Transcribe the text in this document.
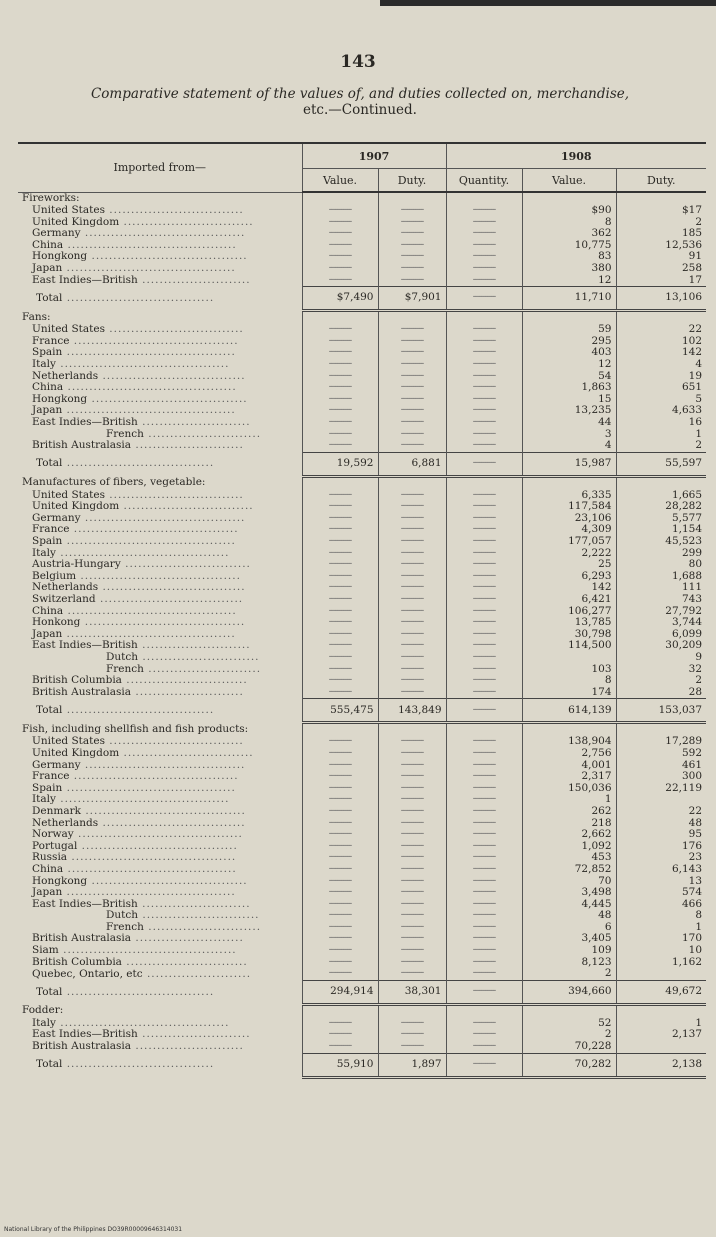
143
Comparative statement of the values of, and duties collected on, merchandise,
etc.—Continued.
Imported from—	1907		1908		
	Value.	Duty.	Quantity.	Value.	Duty.
Fireworks:					
United States ...............................	-----------	-----------	-----------	$90	$17
United Kingdom ..............................	-----------	-----------	-----------	8	2
Germany .....................................	-----------	-----------	-----------	362	185
China .......................................	-----------	-----------	-----------	10,775	12,536
Hongkong ....................................	-----------	-----------	-----------	83	91
Japan .......................................	-----------	-----------	-----------	380	258
East Indies—British .........................	-----------	-----------	-----------	12	17
Total ..................................	$7,490	$7,901	-----------	11,710	13,106
Fans:					
United States ...............................	-----------	-----------	-----------	59	22
France ......................................	-----------	-----------	-----------	295	102
Spain .......................................	-----------	-----------	-----------	403	142
Italy .......................................	-----------	-----------	-----------	12	4
Netherlands .................................	-----------	-----------	-----------	54	19
China .......................................	-----------	-----------	-----------	1,863	651
Hongkong ....................................	-----------	-----------	-----------	15	5
Japan .......................................	-----------	-----------	-----------	13,235	4,633
East Indies—British .........................	-----------	-----------	-----------	44	16
French ..........................	-----------	-----------	-----------	3	1
British Australasia .........................	-----------	-----------	-----------	4	2
Total ..................................	19,592	6,881	-----------	15,987	55,597
Manufactures of fibers, vegetable:					
United States ...............................	-----------	-----------	-----------	6,335	1,665
United Kingdom ..............................	-----------	-----------	-----------	117,584	28,282
Germany .....................................	-----------	-----------	-----------	23,106	5,577
France ......................................	-----------	-----------	-----------	4,309	1,154
Spain .......................................	-----------	-----------	-----------	177,057	45,523
Italy .......................................	-----------	-----------	-----------	2,222	299
Austria-Hungary .............................	-----------	-----------	-----------	25	80
Belgium .....................................	-----------	-----------	-----------	6,293	1,688
Netherlands .................................	-----------	-----------	-----------	142	111
Switzerland .................................	-----------	-----------	-----------	6,421	743
China .......................................	-----------	-----------	-----------	106,277	27,792
Honkong .....................................	-----------	-----------	-----------	13,785	3,744
Japan .......................................	-----------	-----------	-----------	30,798	6,099
East Indies—British .........................	-----------	-----------	-----------	114,500	30,209
Dutch ...........................	-----------	-----------	-----------		9
French ..........................	-----------	-----------	-----------	103	32
British Columbia ............................	-----------	-----------	-----------	8	2
British Australasia .........................	-----------	-----------	-----------	174	28
Total ..................................	555,475	143,849	-----------	614,139	153,037
Fish, including shellfish and fish products:					
United States ...............................	-----------	-----------	-----------	138,904	17,289
United Kingdom ..............................	-----------	-----------	-----------	2,756	592
Germany .....................................	-----------	-----------	-----------	4,001	461
France ......................................	-----------	-----------	-----------	2,317	300
Spain .......................................	-----------	-----------	-----------	150,036	22,119
Italy .......................................	-----------	-----------	-----------	1	
Denmark .....................................	-----------	-----------	-----------	262	22
Netherlands .................................	-----------	-----------	-----------	218	48
Norway ......................................	-----------	-----------	-----------	2,662	95
Portugal ....................................	-----------	-----------	-----------	1,092	176
Russia ......................................	-----------	-----------	-----------	453	23
China .......................................	-----------	-----------	-----------	72,852	6,143
Hongkong ....................................	-----------	-----------	-----------	70	13
Japan .......................................	-----------	-----------	-----------	3,498	574
East Indies—British .........................	-----------	-----------	-----------	4,445	466
Dutch ...........................	-----------	-----------	-----------	48	8
French ..........................	-----------	-----------	-----------	6	1
British Australasia .........................	-----------	-----------	-----------	3,405	170
Siam ........................................	-----------	-----------	-----------	109	10
British Columbia ............................	-----------	-----------	-----------	8,123	1,162
Quebec, Ontario, etc ........................	-----------	-----------	-----------	2	
Total ..................................	294,914	38,301	-----------	394,660	49,672
Fodder:					
Italy .......................................	-----------	-----------	-----------	52	1
East Indies—British .........................	-----------	-----------	-----------	2	2,137
British Australasia .........................	-----------	-----------	-----------	70,228	
Total ..................................	55,910	1,897	-----------	70,282	2,138
National Library of the Philippines DO39R00009646314031
